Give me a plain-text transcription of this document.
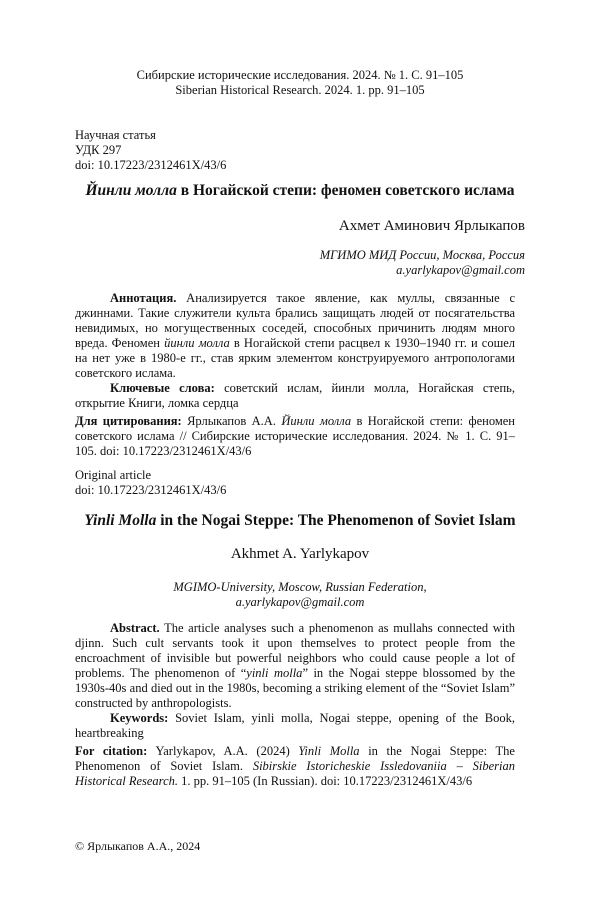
Сибирские исторические исследования. 2024. № 1. С. 91–105
Siberian Historical Research. 2024. 1. pp. 91–105
Научная статья
УДК 297
doi: 10.17223/2312461X/43/6
Йинли молла в Ногайской степи: феномен советского ислама
Ахмет Аминович Ярлыкапов
МГИМО МИД России, Москва, Россия
a.yarlykapov@gmail.com

Аннотация. Анализируется такое явление, как муллы, связанные с джиннами. Такие служители культа брались защищать людей от посягательства невидимых, но могущественных соседей, способных причинить людям много вреда. Феномен йинли молла в Ногайской степи расцвел к 1930–1940 гг. и сошел на нет уже в 1980-е гг., став ярким элементом конструируемого антропологами советского ислама.

Ключевые слова: советский ислам, йинли молла, Ногайская степь, открытие Книги, ломка сердца

Для цитирования: Ярлыкапов А.А. Йинли молла в Ногайской степи: феномен советского ислама // Сибирские исторические исследования. 2024. № 1. С. 91–105. doi: 10.17223/2312461X/43/6
Original article
doi: 10.17223/2312461X/43/6
Yinli Molla in the Nogai Steppe: The Phenomenon of Soviet Islam
Akhmet A. Yarlykapov
MGIMO-University, Moscow, Russian Federation,
a.yarlykapov@gmail.com

Abstract. The article analyses such a phenomenon as mullahs connected with djinn. Such cult servants took it upon themselves to protect people from the encroachment of invisible but powerful neighbors who could cause people a lot of problems. The phenomenon of “yinli molla” in the Nogai steppe blossomed by the 1930s-40s and died out in the 1980s, becoming a striking element of the “Soviet Islam” constructed by anthropologists.

Keywords: Soviet Islam, yinli molla, Nogai steppe, opening of the Book, heartbreaking

For citation: Yarlykapov, A.A. (2024) Yinli Molla in the Nogai Steppe: The Phenomenon of Soviet Islam. Sibirskie Istoricheskie Issledovaniia – Siberian Historical Research. 1. pp. 91–105 (In Russian). doi: 10.17223/2312461X/43/6
© Ярлыкапов А.А., 2024
